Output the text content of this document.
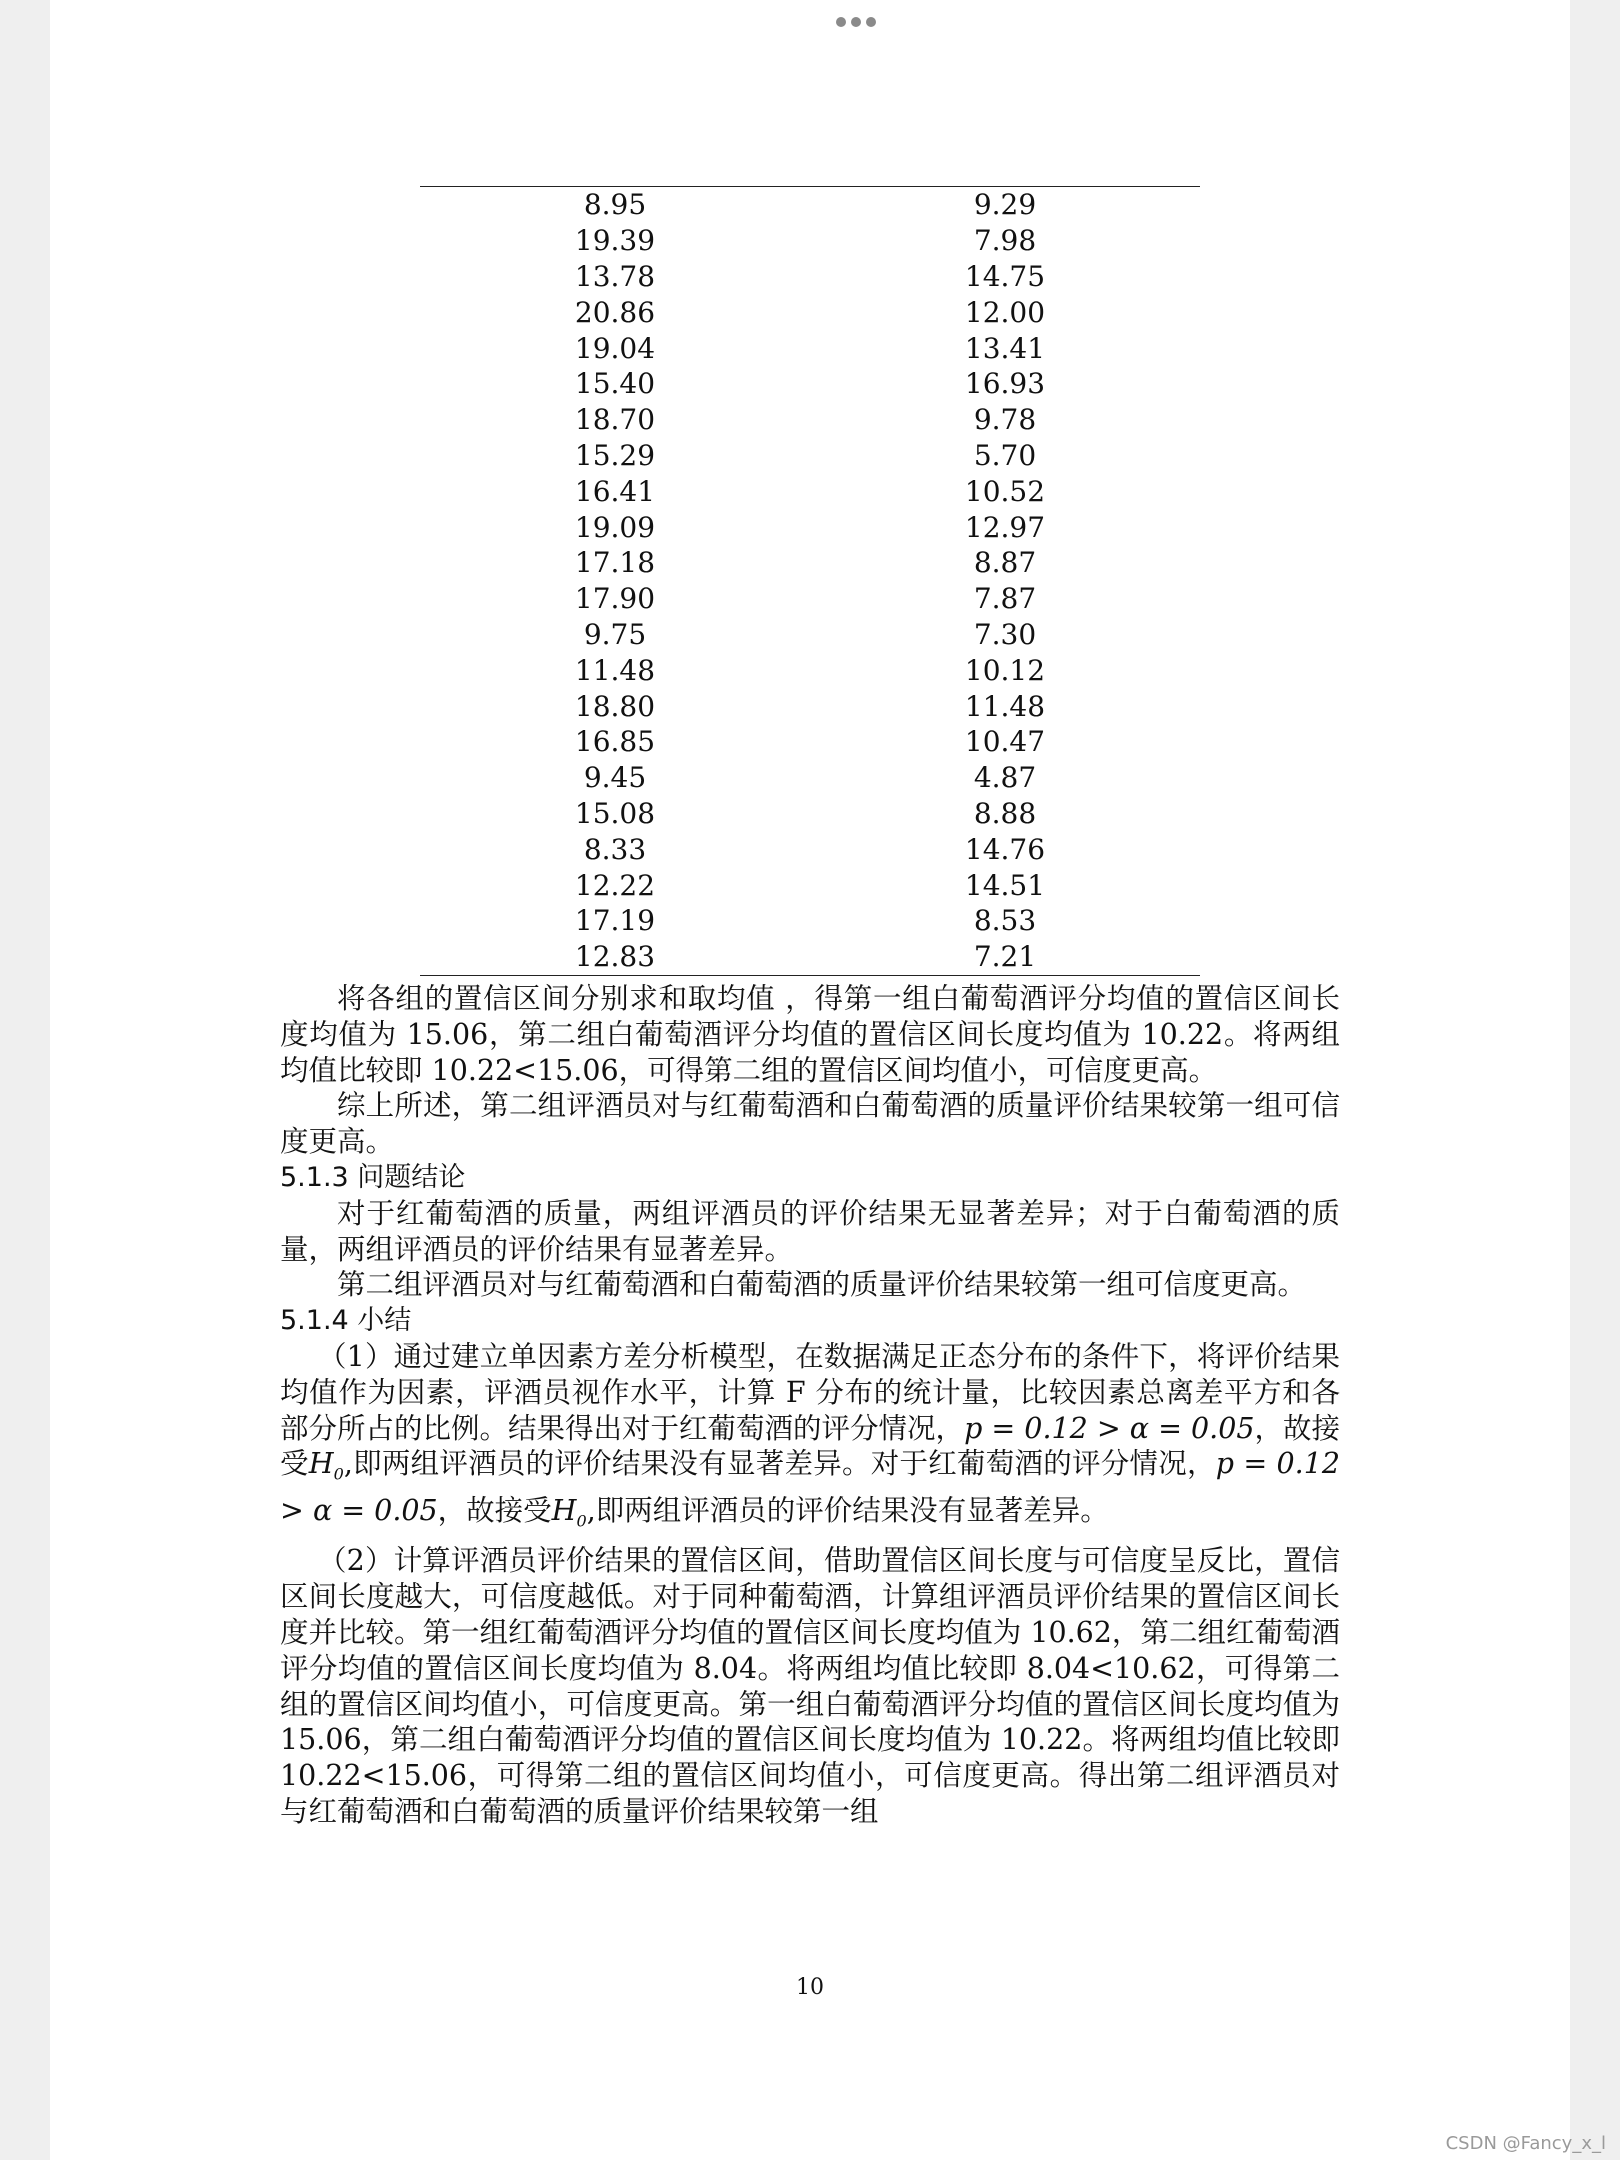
8.95	9.29
19.39	7.98
13.78	14.75
20.86	12.00
19.04	13.41
15.40	16.93
18.70	9.78
15.29	5.70
16.41	10.52
19.09	12.97
17.18	8.87
17.90	7.87
9.75	7.30
11.48	10.12
18.80	11.48
16.85	10.47
9.45	4.87
15.08	8.88
8.33	14.76
12.22	14.51
17.19	8.53
12.83	7.21

将各组的置信区间分别求和取均值 ，得第一组白葡萄酒评分均值的置信区间长度均值为 15.06，第二组白葡萄酒评分均值的置信区间长度均值为 10.22。将两组均值比较即 10.22<15.06，可得第二组的置信区间均值小，可信度更高。

综上所述，第二组评酒员对与红葡萄酒和白葡萄酒的质量评价结果较第一组可信度更高。

5.1.3 问题结论

对于红葡萄酒的质量，两组评酒员的评价结果无显著差异；对于白葡萄酒的质量，两组评酒员的评价结果有显著差异。

第二组评酒员对与红葡萄酒和白葡萄酒的质量评价结果较第一组可信度更高。

5.1.4 小结

（1）通过建立单因素方差分析模型，在数据满足正态分布的条件下，将评价结果均值作为因素，评酒员视作水平，计算 F 分布的统计量，比较因素总离差平方和各部分所占的比例。结果得出对于红葡萄酒的评分情况，p = 0.12 > α = 0.05，故接受$H_0$,即两组评酒员的评价结果没有显著差异。对于红葡萄酒的评分情况，p = 0.12 > α = 0.05，故接受$H_0$,即两组评酒员的评价结果没有显著差异。

（2）计算评酒员评价结果的置信区间，借助置信区间长度与可信度呈反比，置信区间长度越大，可信度越低。对于同种葡萄酒，计算组评酒员评价结果的置信区间长度并比较。第一组红葡萄酒评分均值的置信区间长度均值为 10.62，第二组红葡萄酒评分均值的置信区间长度均值为 8.04。将两组均值比较即 8.04<10.62，可得第二组的置信区间均值小，可信度更高。第一组白葡萄酒评分均值的置信区间长度均值为 15.06，第二组白葡萄酒评分均值的置信区间长度均值为 10.22。将两组均值比较即 10.22<15.06，可得第二组的置信区间均值小，可信度更高。得出第二组评酒员对与红葡萄酒和白葡萄酒的质量评价结果较第一组

10
CSDN @Fancy_x_l
